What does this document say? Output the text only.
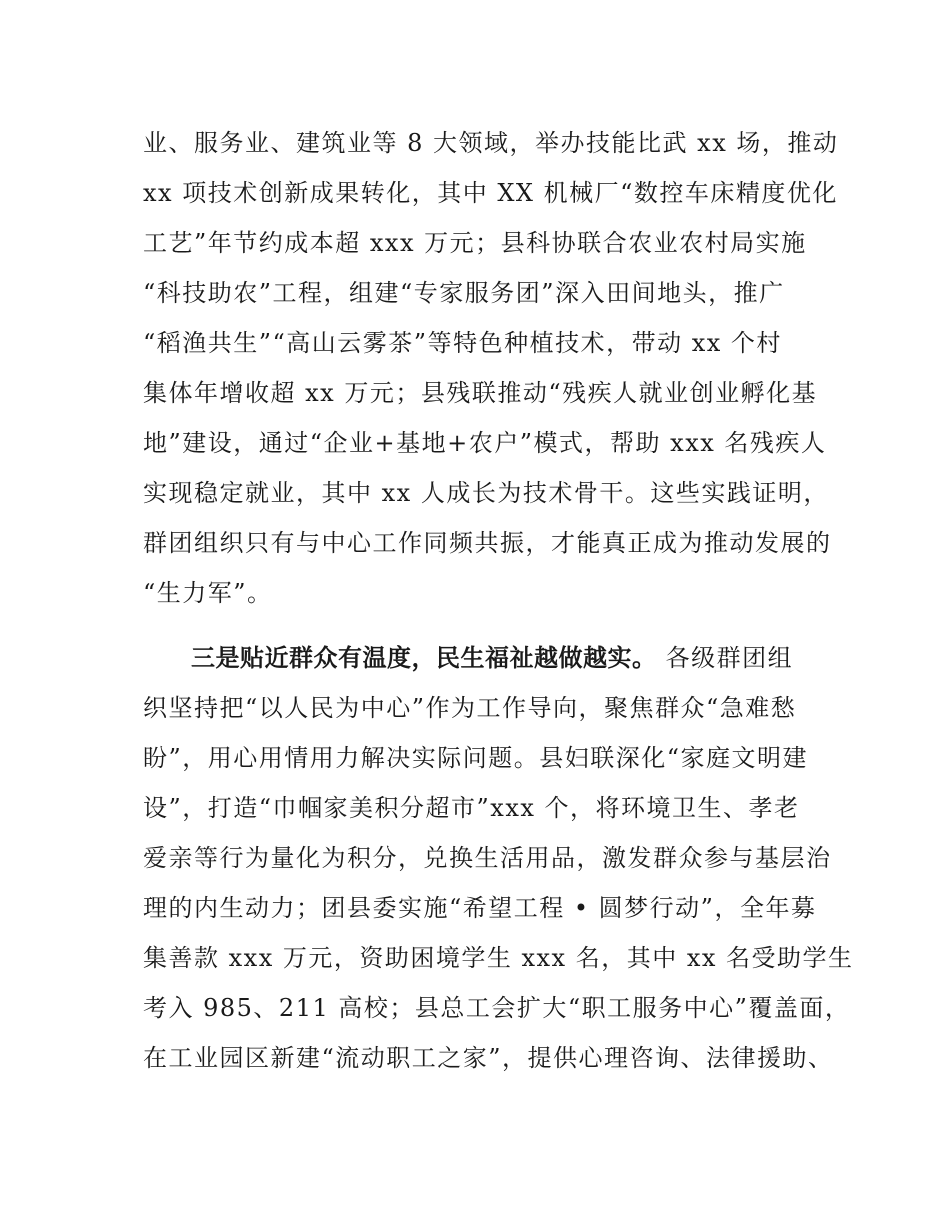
业、服务业、建筑业等 8 大领域，举办技能比武 xx 场，推动
xx 项技术创新成果转化，其中 XX 机械厂“数控车床精度优化
工艺”年节约成本超 xxx 万元；县科协联合农业农村局实施
“科技助农”工程，组建“专家服务团”深入田间地头，推广
“稻渔共生”“高山云雾茶”等特色种植技术，带动 xx 个村
集体年增收超 xx 万元；县残联推动“残疾人就业创业孵化基
地”建设，通过“企业+基地+农户”模式，帮助 xxx 名残疾人
实现稳定就业，其中 xx 人成长为技术骨干。这些实践证明，
群团组织只有与中心工作同频共振，才能真正成为推动发展的
“生力军”。
三是贴近群众有温度，民生福祉越做越实。 各级群团组
织坚持把“以人民为中心”作为工作导向，聚焦群众“急难愁
盼”，用心用情用力解决实际问题。县妇联深化“家庭文明建
设”，打造“巾帼家美积分超市”xxx 个，将环境卫生、孝老
爱亲等行为量化为积分，兑换生活用品，激发群众参与基层治
理的内生动力；团县委实施“希望工程 • 圆梦行动”，全年募
集善款 xxx 万元，资助困境学生 xxx 名，其中 xx 名受助学生
考入 985、211 高校；县总工会扩大“职工服务中心”覆盖面，
在工业园区新建“流动职工之家”，提供心理咨询、法律援助、
